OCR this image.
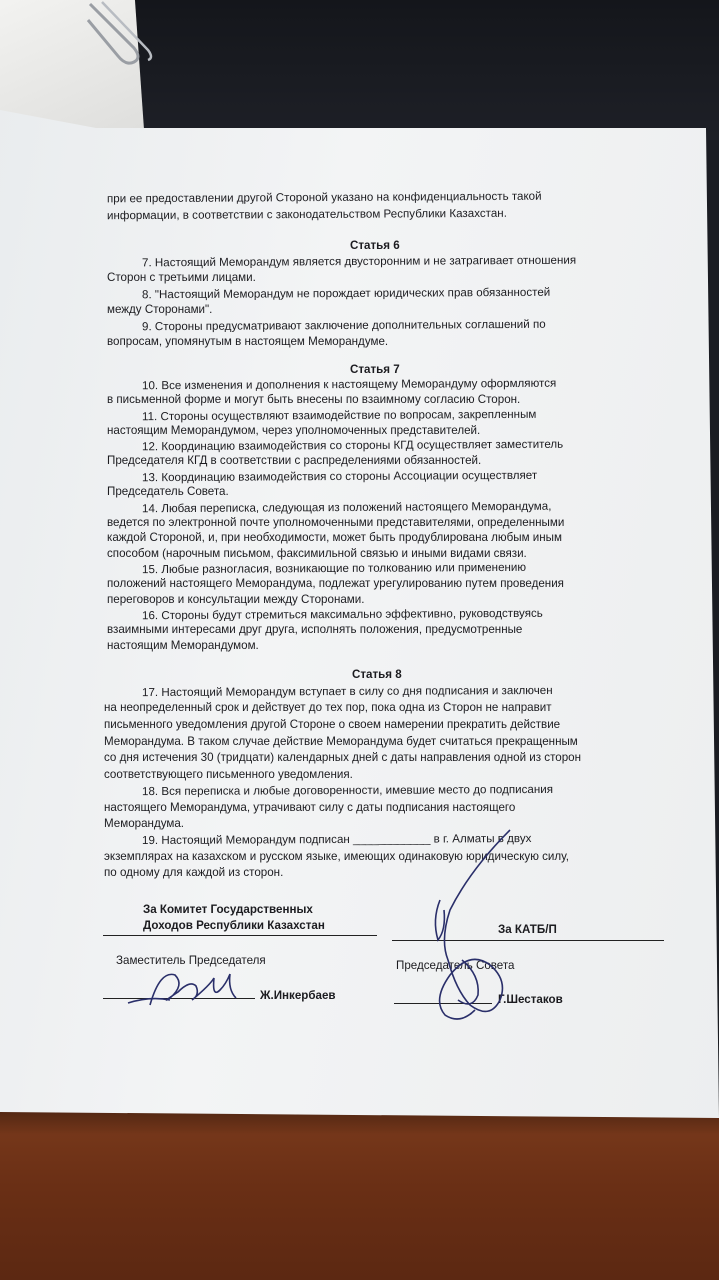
при ее предоставлении другой Стороной указано на конфиденциальность такой
информации, в соответствии с законодательством Республики Казахстан.
Статья 6
7. Настоящий Меморандум является двусторонним и не затрагивает отношения
Сторон с третьими лицами.
8. "Настоящий Меморандум не порождает юридических прав обязанностей
между Сторонами".
9. Стороны предусматривают заключение дополнительных соглашений по
вопросам, упомянутым в настоящем Меморандуме.
Статья 7
10. Все изменения и дополнения к настоящему Меморандуму оформляются
в письменной форме и могут быть внесены по взаимному согласию Сторон.
11. Стороны осуществляют взаимодействие по вопросам, закрепленным
настоящим Меморандумом, через уполномоченных представителей.
12. Координацию взаимодействия со стороны КГД осуществляет заместитель
Председателя КГД в соответствии с распределениями обязанностей.
13. Координацию взаимодействия со стороны Ассоциации осуществляет
Председатель Совета.
14. Любая переписка, следующая из положений настоящего Меморандума,
ведется по электронной почте уполномоченными представителями, определенными
каждой Стороной, и, при необходимости, может быть продублирована любым иным
способом (нарочным письмом, факсимильной связью и иными видами связи.
15. Любые разногласия, возникающие по толкованию или применению
положений настоящего Меморандума, подлежат урегулированию путем проведения
переговоров и консультации между Сторонами.
16. Стороны будут стремиться максимально эффективно, руководствуясь
взаимными интересами друг друга, исполнять положения, предусмотренные
настоящим Меморандумом.
Статья 8
17. Настоящий Меморандум вступает в силу со дня подписания и заключен
на неопределенный срок и действует до тех пор, пока одна из Сторон не направит
письменного уведомления другой Стороне о своем намерении прекратить действие
Меморандума. В таком случае действие Меморандума будет считаться прекращенным
со дня истечения 30 (тридцати) календарных дней с даты направления одной из сторон
соответствующего письменного уведомления.
18. Вся переписка и любые договоренности, имевшие место до подписания
настоящего Меморандума, утрачивают силу с даты подписания настоящего
Меморандума.
19. Настоящий Меморандум подписан ____________ в г. Алматы в двух
экземплярах на казахском и русском языке, имеющих одинаковую юридическую силу,
по одному для каждой из сторон.
За Комитет Государственных
Доходов Республики Казахстан	За КАТБ/П
Заместитель Председателя	Председатель Совета
Ж.Инкербаев	Г.Шестаков
